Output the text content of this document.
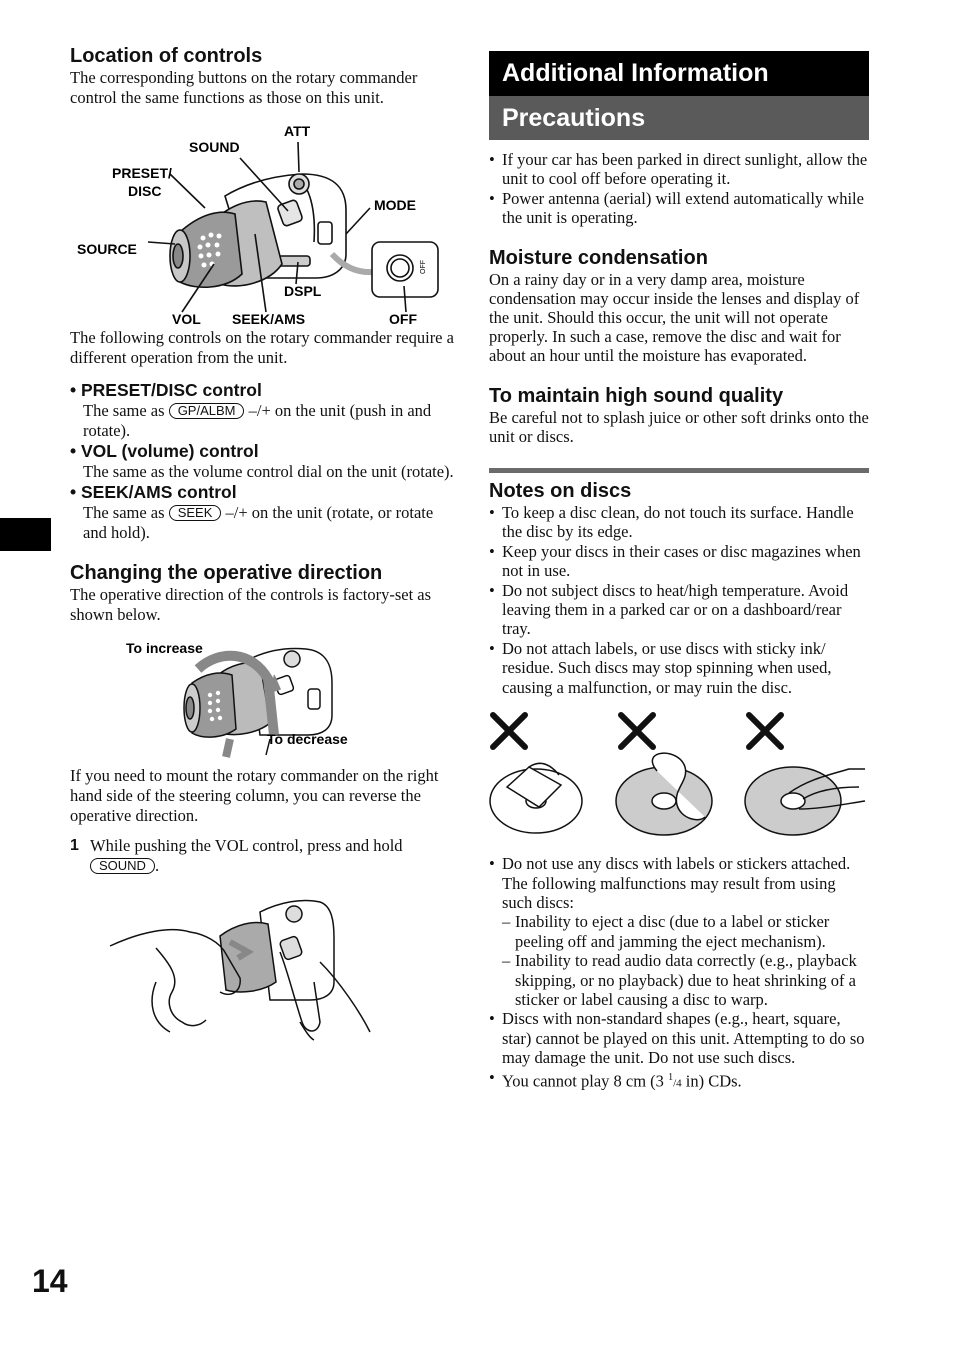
Location of controls

The corresponding buttons on the rotary commander control the same functions as those on this unit.

ATT
SOUND
PRESET/
DISC
MODE
SOURCE
DSPL
VOL SEEK/AMS	OFF
OFF

The following controls on the rotary commander require a different operation from the unit.

• PRESET/DISC control
The same as GP/ALBM –/+ on the unit (push in and rotate).
• VOL (volume) control
The same as the volume control dial on the unit (rotate).
• SEEK/AMS control
The same as SEEK –/+ on the unit (rotate, or rotate and hold).
Changing the operative direction

The operative direction of the controls is factory-set as shown below.

To increase
To decrease

If you need to mount the rotary commander on the right hand side of the steering column, you can reverse the operative direction.

1 While pushing the VOL control, press and hold SOUND .
Additional Information
Precautions
• If your car has been parked in direct sunlight, allow the unit to cool off before operating it.
• Power antenna (aerial) will extend automatically while the unit is operating.
Moisture condensation

On a rainy day or in a very damp area, moisture condensation may occur inside the lenses and display of the unit. Should this occur, the unit will not operate properly. In such a case, remove the disc and wait for about an hour until the moisture has evaporated.

To maintain high sound quality

Be careful not to splash juice or other soft drinks onto the unit or discs.

Notes on discs
• To keep a disc clean, do not touch its surface. Handle the disc by its edge.
• Keep your discs in their cases or disc magazines when not in use.
• Do not subject discs to heat/high temperature. Avoid leaving them in a parked car or on a dashboard/rear tray.
• Do not attach labels, or use discs with sticky ink/ residue. Such discs may stop spinning when used, causing a malfunction, or may ruin the disc.
• Do not use any discs with labels or stickers attached.
The following malfunctions may result from using such discs:
– Inability to eject a disc (due to a label or sticker peeling off and jamming the eject mechanism).
– Inability to read audio data correctly (e.g., playback skipping, or no playback) due to heat shrinking of a sticker or label causing a disc to warp.
• Discs with non-standard shapes (e.g., heart, square, star) cannot be played on this unit. Attempting to do so may damage the unit. Do not use such discs.
• You cannot play 8 cm (3 $^1$/4 in) CDs.
14
